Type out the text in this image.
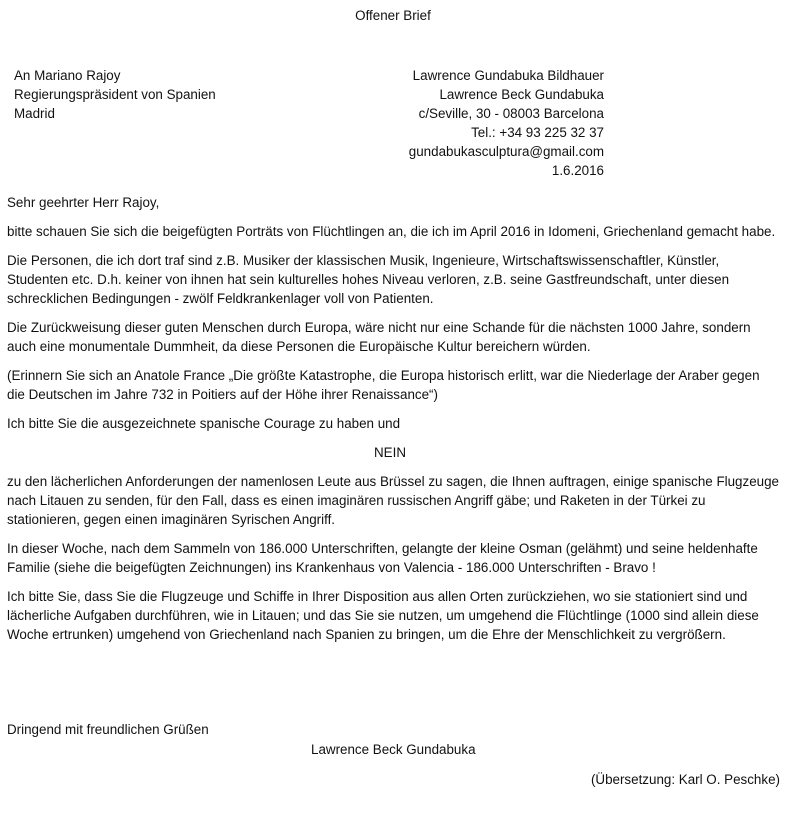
Offener Brief
An Mariano Rajoy
Regierungspräsident von Spanien
Madrid
Lawrence Gundabuka Bildhauer
Lawrence Beck Gundabuka
c/Seville, 30 - 08003 Barcelona
Tel.: +34 93 225 32 37
gundabukasculptura@gmail.com
1.6.2016

Sehr geehrter Herr Rajoy,

bitte schauen Sie sich die beigefügten Porträts von Flüchtlingen an, die ich im April 2016 in Idomeni, Griechenland gemacht habe.

Die Personen, die ich dort traf sind z.B. Musiker der klassischen Musik, Ingenieure, Wirtschaftswissenschaftler, Künstler, Studenten etc. D.h. keiner von ihnen hat sein kulturelles hohes Niveau verloren, z.B. seine Gastfreundschaft, unter diesen schrecklichen Bedingungen - zwölf Feldkrankenlager voll von Patienten.

Die Zurückweisung dieser guten Menschen durch Europa, wäre nicht nur eine Schande für die nächsten 1000 Jahre, sondern auch eine monumentale Dummheit, da diese Personen die Europäische Kultur bereichern würden.

(Erinnern Sie sich an Anatole France „Die größte Katastrophe, die Europa historisch erlitt, war die Niederlage der Araber gegen die Deutschen im Jahre 732 in Poitiers auf der Höhe ihrer Renaissance“)

Ich bitte Sie die ausgezeichnete spanische Courage zu haben und

NEIN

zu den lächerlichen Anforderungen der namenlosen Leute aus Brüssel zu sagen, die Ihnen auftragen, einige spanische Flugzeuge nach Litauen zu senden, für den Fall, dass es einen imaginären russischen Angriff gäbe; und Raketen in der Türkei zu stationieren, gegen einen imaginären Syrischen Angriff.

In dieser Woche, nach dem Sammeln von 186.000 Unterschriften, gelangte der kleine Osman (gelähmt) und seine heldenhafte Familie (siehe die beigefügten Zeichnungen) ins Krankenhaus von Valencia - 186.000 Unterschriften - Bravo !

Ich bitte Sie, dass Sie die Flugzeuge und Schiffe in Ihrer Disposition aus allen Orten zurückziehen, wo sie stationiert sind und lächerliche Aufgaben durchführen, wie in Litauen; und das Sie sie nutzen, um umgehend die Flüchtlinge (1000 sind allein diese Woche ertrunken) umgehend von Griechenland nach Spanien zu bringen, um die Ehre der Menschlichkeit zu vergrößern.

Dringend mit freundlichen Grüßen
Lawrence Beck Gundabuka
(Übersetzung: Karl O. Peschke)
